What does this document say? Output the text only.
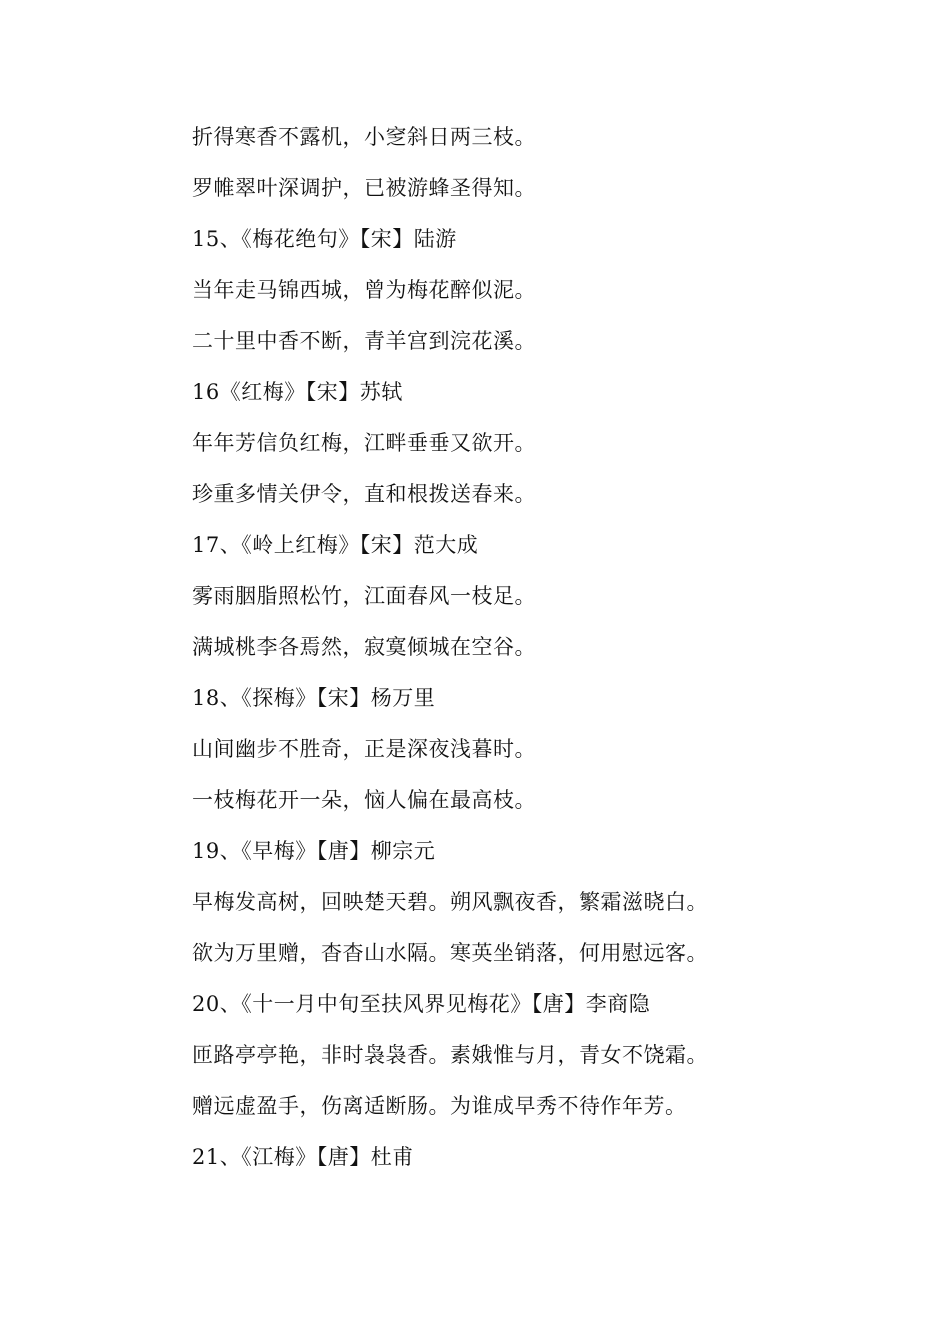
折得寒香不露机，小窆斜日两三枝。
罗帷翠叶深调护，已被游蜂圣得知。
15、《梅花绝句》【宋】陆游
当年走马锦西城，曾为梅花醉似泥。
二十里中香不断，青羊宫到浣花溪。
16《红梅》【宋】苏轼
年年芳信负红梅，江畔垂垂又欲开。
珍重多情关伊令，直和根拨送春来。
17、《岭上红梅》【宋】范大成
雾雨胭脂照松竹，江面春风一枝足。
满城桃李各焉然，寂寞倾城在空谷。
18、《探梅》【宋】杨万里
山间幽步不胜奇，正是深夜浅暮时。
一枝梅花开一朵，恼人偏在最高枝。
19、《早梅》【唐】柳宗元
早梅发高树，回映楚天碧。朔风飘夜香，繁霜滋晓白。
欲为万里赠，杳杳山水隔。寒英坐销落，何用慰远客。
20、《十一月中旬至扶风界见梅花》【唐】李商隐
匝路亭亭艳，非时袅袅香。素娥惟与月，青女不饶霜。
赠远虚盈手，伤离适断肠。为谁成早秀不待作年芳。
21、《江梅》【唐】杜甫
